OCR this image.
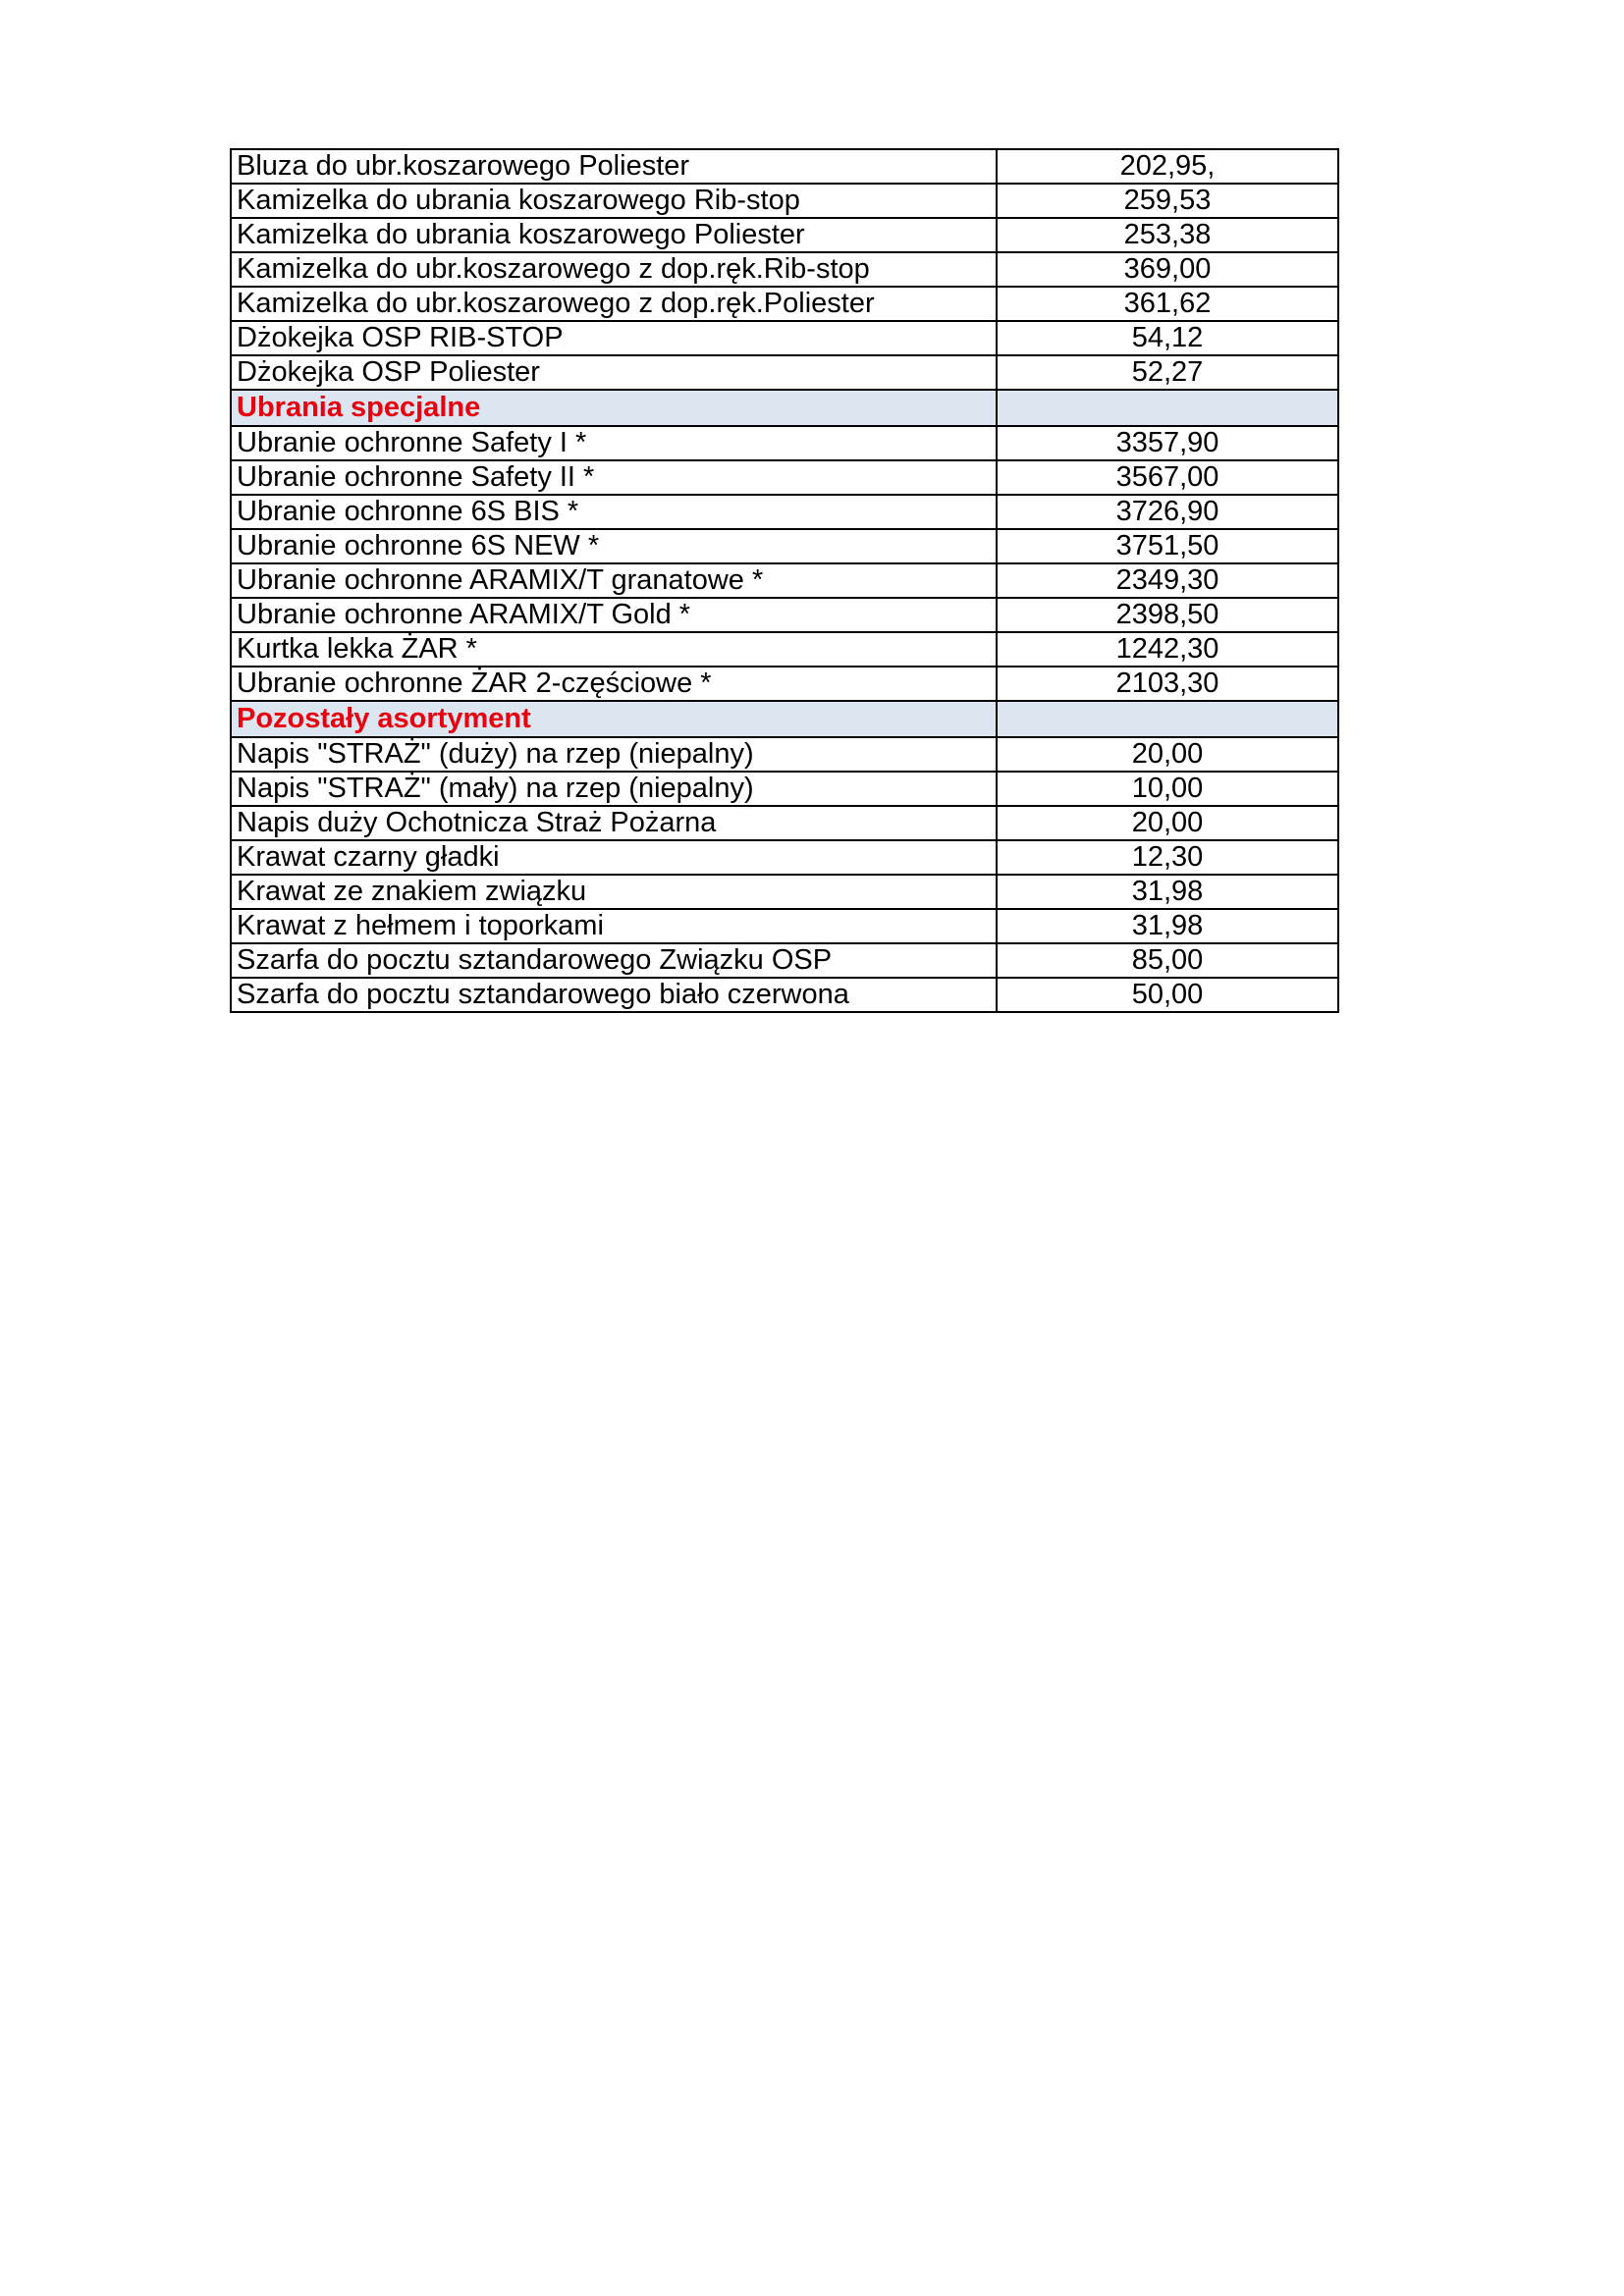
Bluza do ubr.koszarowego Poliester	202,95,
Kamizelka do ubrania koszarowego Rib-stop	259,53
Kamizelka do ubrania koszarowego Poliester	253,38
Kamizelka do ubr.koszarowego z dop.ręk.Rib-stop	369,00
Kamizelka do ubr.koszarowego z dop.ręk.Poliester	361,62
Dżokejka OSP RIB-STOP	54,12
Dżokejka OSP Poliester	52,27
Ubrania specjalne	
Ubranie ochronne Safety I *	3357,90
Ubranie ochronne Safety II *	3567,00
Ubranie ochronne 6S BIS *	3726,90
Ubranie ochronne 6S NEW *	3751,50
Ubranie ochronne ARAMIX/T granatowe *	2349,30
Ubranie ochronne ARAMIX/T Gold *	2398,50
Kurtka lekka ŻAR *	1242,30
Ubranie ochronne ŻAR 2-częściowe *	2103,30
Pozostały asortyment	
Napis "STRAŻ" (duży) na rzep (niepalny)	20,00
Napis "STRAŻ" (mały) na rzep (niepalny)	10,00
Napis duży Ochotnicza Straż Pożarna	20,00
Krawat czarny gładki	12,30
Krawat ze znakiem związku	31,98
Krawat z hełmem i toporkami	31,98
Szarfa do pocztu sztandarowego Związku OSP	85,00
Szarfa do pocztu sztandarowego biało czerwona	50,00
